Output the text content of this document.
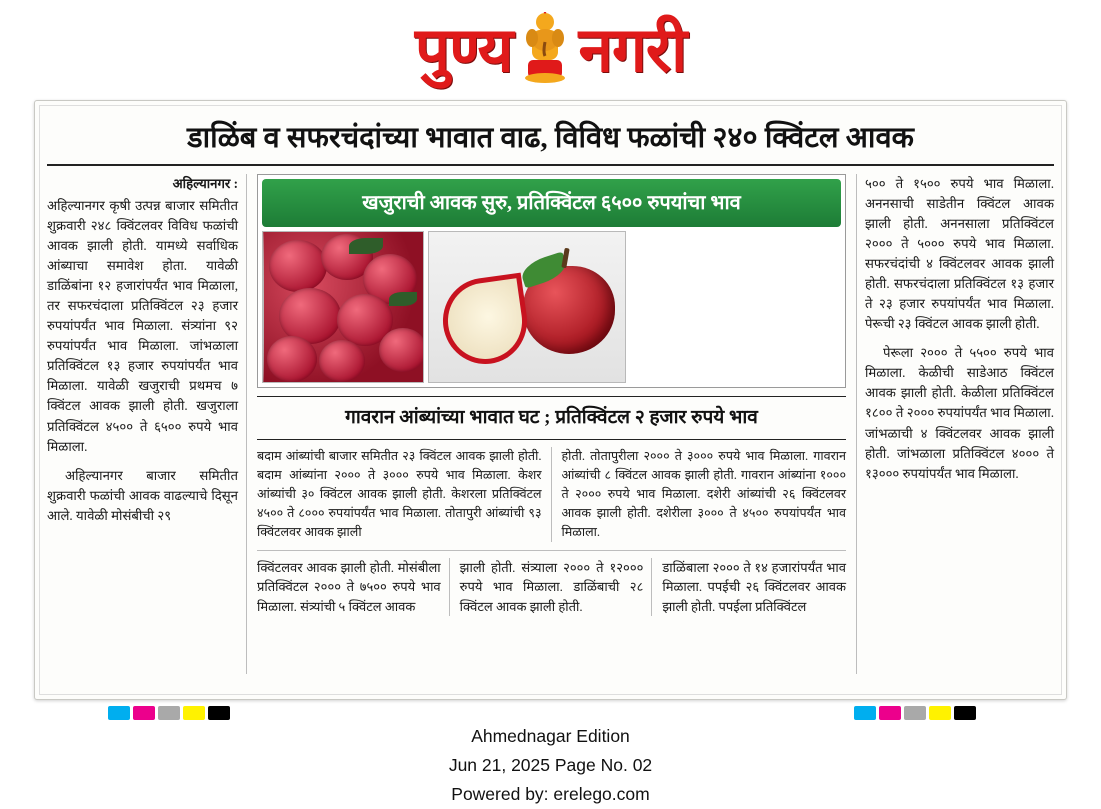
पुण्य नगरी
डाळिंब व सफरचंदांच्या भावात वाढ, विविध फळांची २४० क्विंटल आवक
अहिल्यानगर :

अहिल्यानगर कृषी उत्पन्न बाजार समितीत शुक्रवारी २४८ क्विंटलवर विविध फळांची आवक झाली होती. यामध्ये सर्वाधिक आंब्याचा समावेश होता. यावेळी डाळिंबांना १२ हजारांपर्यंत भाव मिळाला, तर सफरचंदाला प्रतिक्विंटल २३ हजार रुपयांपर्यंत भाव मिळाला. संत्र्यांना ९२ रुपयांपर्यंत भाव मिळाला. जांभळाला प्रतिक्विंटल १३ हजार रुपयांपर्यंत भाव मिळाला. यावेळी खजुराची प्रथमच ७ क्विंटल आवक झाली होती. खजुराला प्रतिक्विंटल ४५०० ते ६५०० रुपये भाव मिळाला.

अहिल्यानगर बाजार समितीत शुक्रवारी फळांची आवक वाढल्याचे दिसून आले. यावेळी मोसंबीची २९

खजुराची आवक सुरु, प्रतिक्विंटल ६५०० रुपयांचा भाव
गावरान आंब्यांच्या भावात घट ; प्रतिक्विंटल २ हजार रुपये भाव
बदाम आंब्यांची बाजार समितीत २३ क्विंटल आवक झाली होती. बदाम आंब्यांना २००० ते ३००० रुपये भाव मिळाला. केशर आंब्यांची ३० क्विंटल आवक झाली होती. केशरला प्रतिक्विंटल ४५०० ते ८००० रुपयांपर्यंत भाव मिळाला. तोतापुरी आंब्यांची ९३ क्विंटलवर आवक झाली
होती. तोतापुरीला २००० ते ३००० रुपये भाव मिळाला. गावरान आंब्यांची ८ क्विंटल आवक झाली होती. गावरान आंब्यांना १००० ते २००० रुपये भाव मिळाला. दशेरी आंब्यांची २६ क्विंटलवर आवक झाली होती. दशेरीला ३००० ते ४५०० रुपयांपर्यंत भाव मिळाला.
क्विंटलवर आवक झाली होती. मोसंबीला प्रतिक्विंटल २००० ते ७५०० रुपये भाव मिळाला. संत्र्यांची ५ क्विंटल आवक
झाली होती. संत्र्याला २००० ते १२००० रुपये भाव मिळाला. डाळिंबाची २८ क्विंटल आवक झाली होती.
डाळिंबाला २००० ते १४ हजारांपर्यंत भाव मिळाला. पपईची २६ क्विंटलवर आवक झाली होती. पपईला प्रतिक्विंटल

५०० ते १५०० रुपये भाव मिळाला. अननसाची साडेतीन क्विंटल आवक झाली होती. अननसाला प्रतिक्विंटल २००० ते ५००० रुपये भाव मिळाला. सफरचंदांची ४ क्विंटलवर आवक झाली होती. सफरचंदाला प्रतिक्विंटल १३ हजार ते २३ हजार रुपयांपर्यंत भाव मिळाला. पेरूची २३ क्विंटल आवक झाली होती.

पेरूला २००० ते ५५०० रुपये भाव मिळाला. केळीची साडेआठ क्विंटल आवक झाली होती. केळीला प्रतिक्विंटल १८०० ते २००० रुपयांपर्यंत भाव मिळाला. जांभळाची ४ क्विंटलवर आवक झाली होती. जांभळाला प्रतिक्विंटल ४००० ते १३००० रुपयांपर्यंत भाव मिळाला.

Ahmednagar Edition
Jun 21, 2025 Page No. 02
Powered by: erelego.com
